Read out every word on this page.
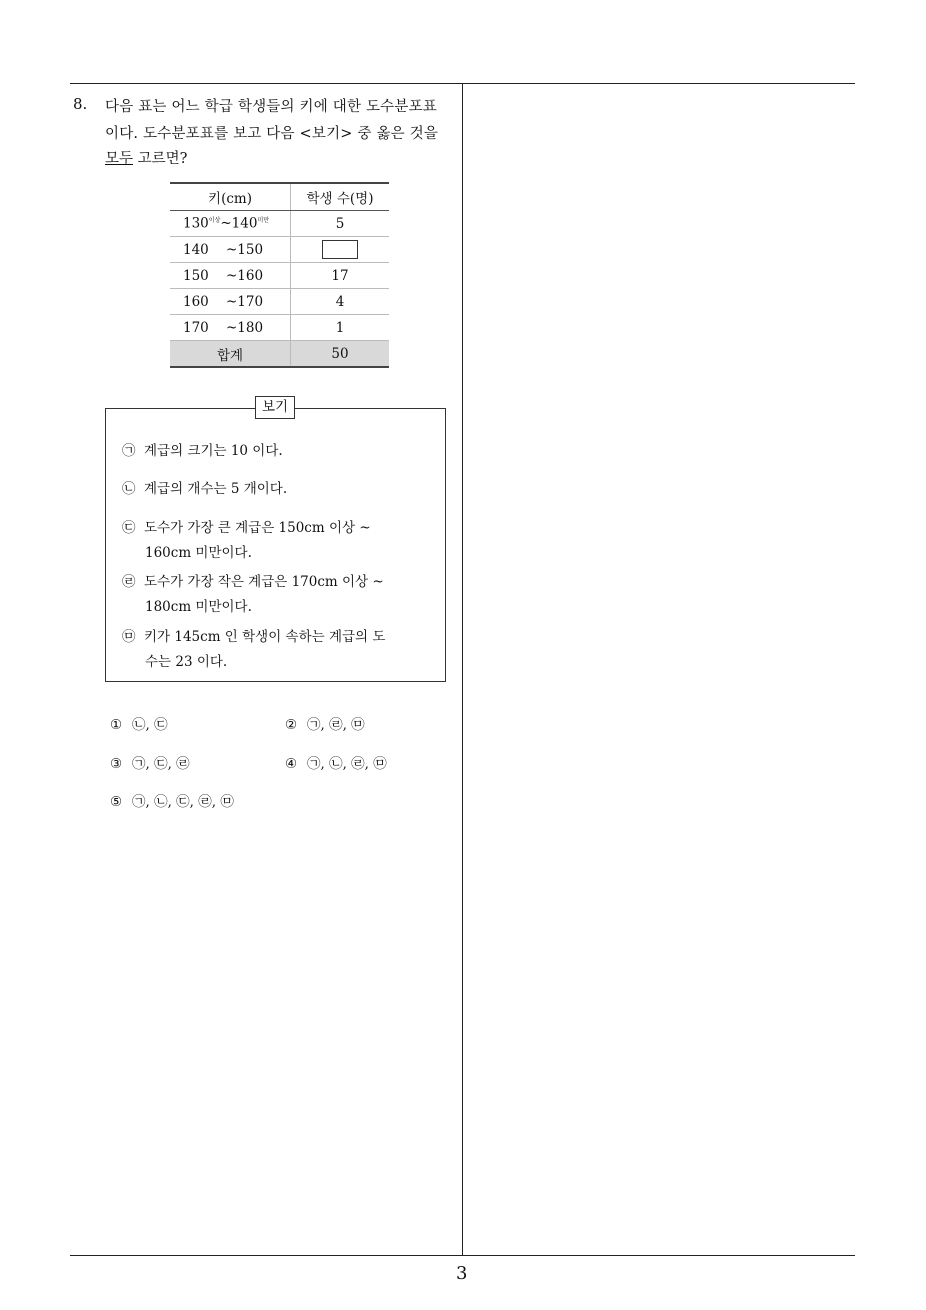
8. 다음 표는 어느 학급 학생들의 키에 대한 도수분포표
이다. 도수분포표를 보고 다음 <보기> 중 옳은 것을
모두 고르면?
키(cm)	학생 수(명)
$130^{이상}\sim 140^{미만}$	5
140 ~150	
150 ~160	17
160 ~170	4
170 ~180	1
합계	50
보기
㉠ 계급의 크기는 10 이다.
㉡ 계급의 개수는 5 개이다.
㉢ 도수가 가장 큰 계급은 150cm 이상 ~
160cm 미만이다.
㉣ 도수가 가장 작은 계급은 170cm 이상 ~
180cm 미만이다.
㉤ 키가 145cm 인 학생이 속하는 계급의 도
수는 23 이다.
① ㉡, ㉢	② ㉠, ㉣, ㉤
③ ㉠, ㉢, ㉣	④ ㉠, ㉡, ㉣, ㉤
⑤ ㉠, ㉡, ㉢, ㉣, ㉤
3
